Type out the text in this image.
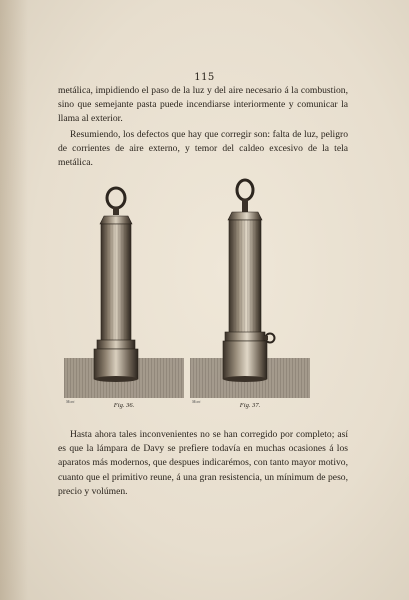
115

metálica, impidiendo el paso de la luz y del aire necesario á la combustion, sino que semejante pasta puede incendiarse interiormente y comunicar la llama al exterior.

Resumiendo, los defectos que hay que corregir son: falta de luz, peligro de corrientes de aire externo, y temor del caldeo excesivo de la tela metálica.

Mont
Fig. 36.
Mont
Fig. 37.

Hasta ahora tales inconvenientes no se han corregido por completo; así es que la lámpara de Davy se prefiere todavía en muchas ocasiones á los aparatos más modernos, que despues indicarémos, con tanto mayor motivo, cuanto que el primitivo reune, á una gran resistencia, un mínimum de peso, precio y volúmen.
